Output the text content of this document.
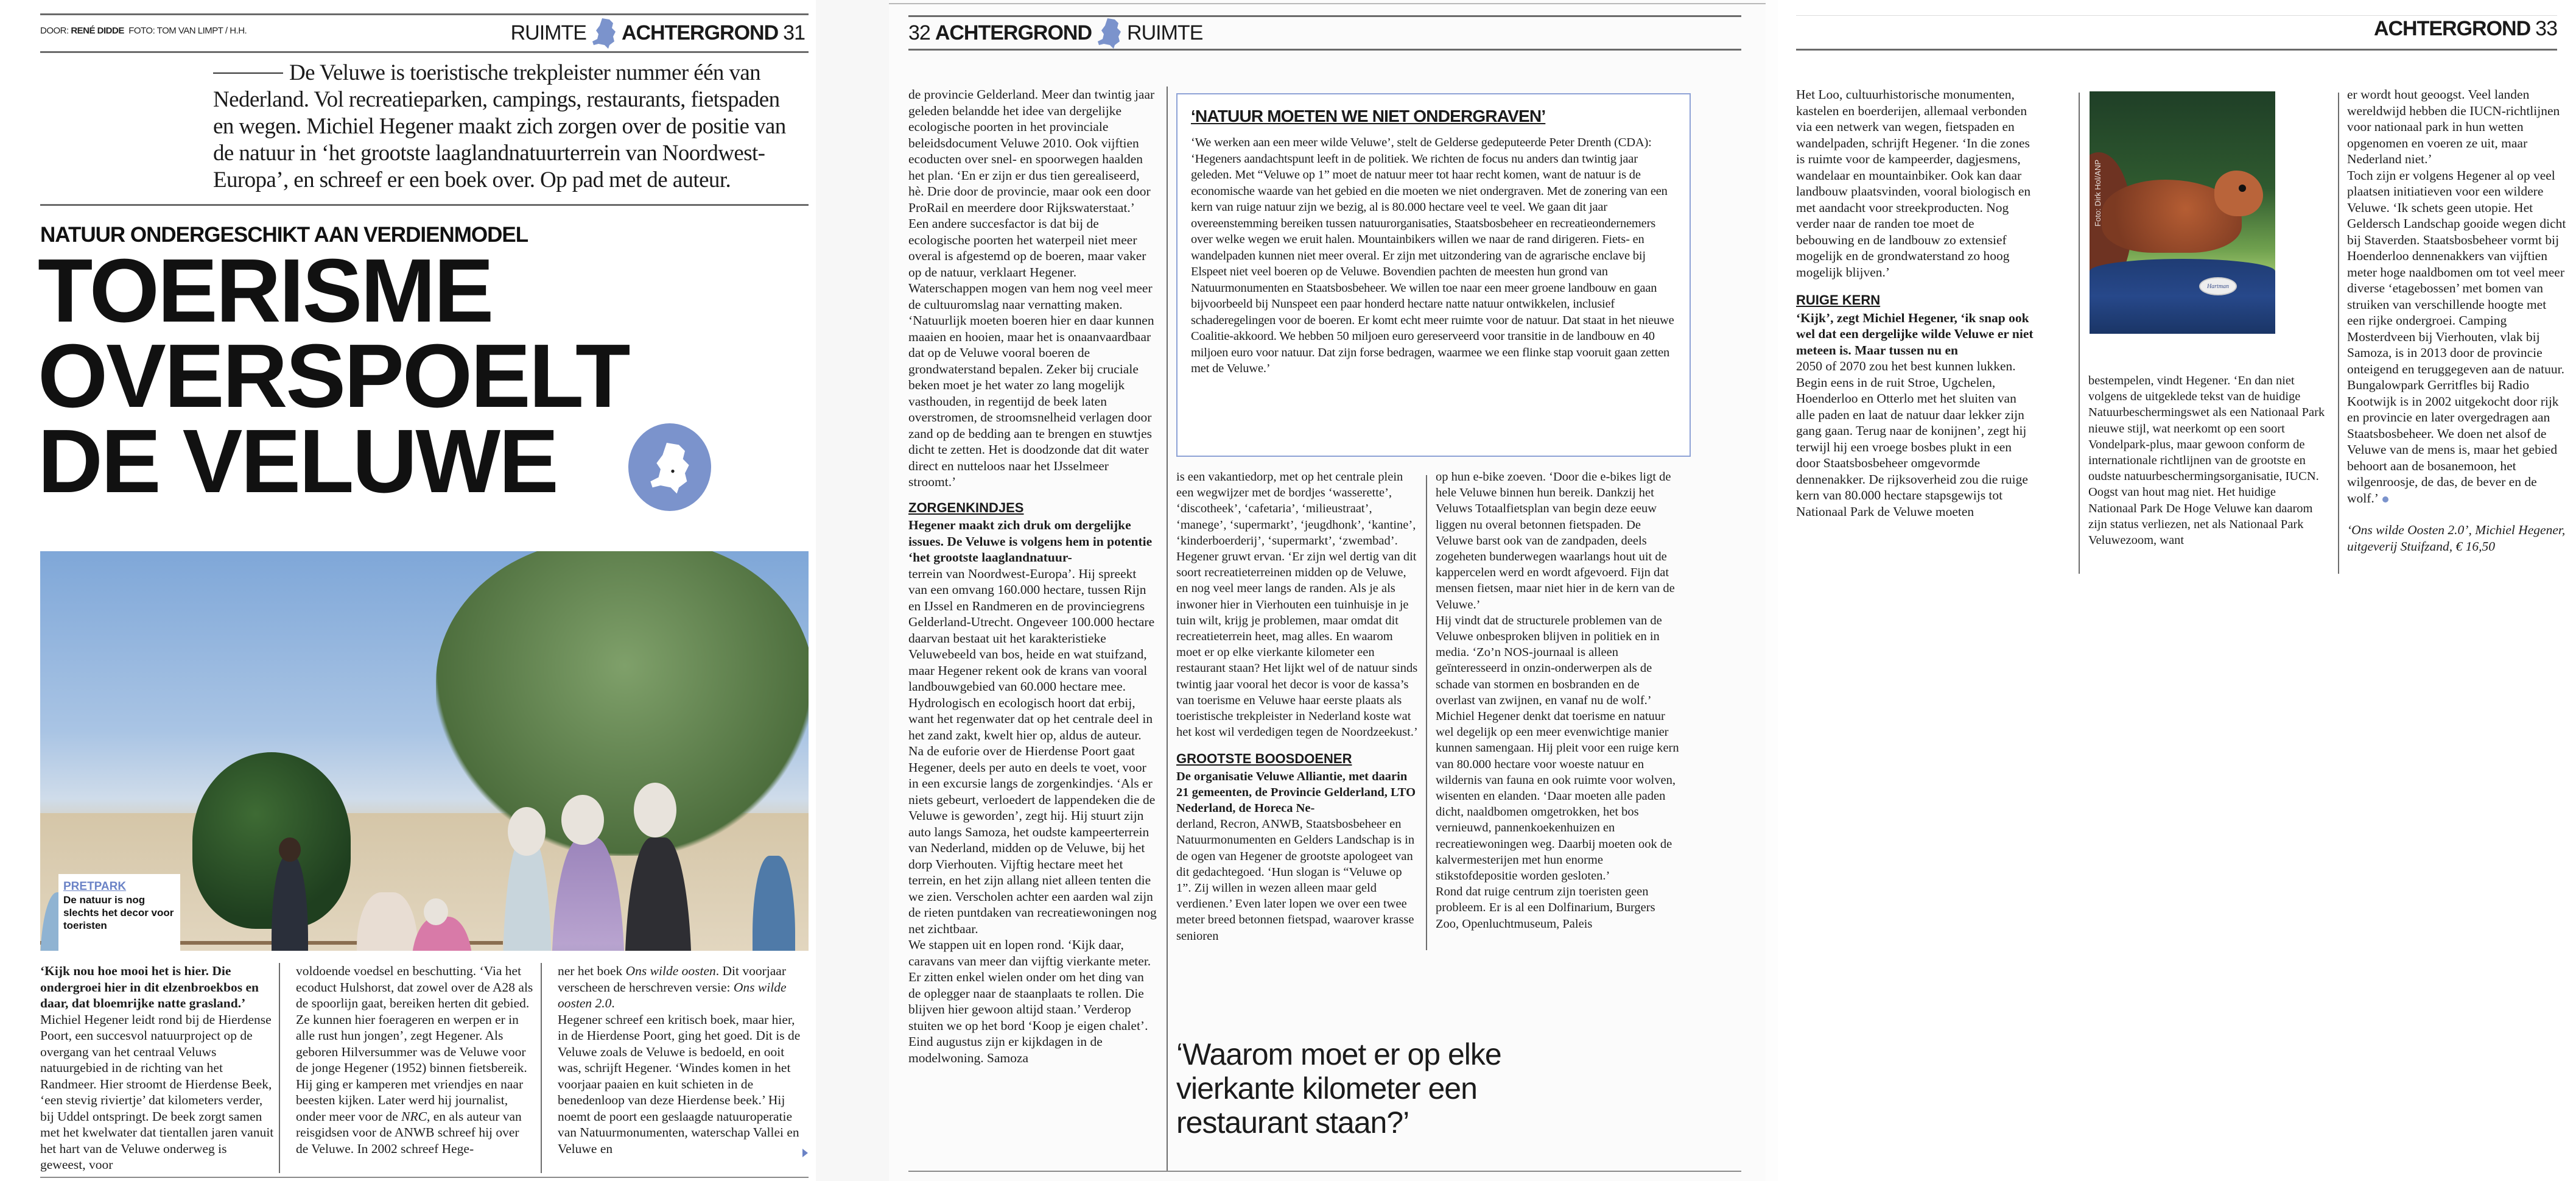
DOOR: RENÉ DIDDE FOTO: TOM VAN LIMPT / H.H.	RUIMTE ACHTERGROND 31
De Veluwe is toeristische trekpleister nummer één van Nederland. Vol recreatieparken, campings, restaurants, fietspaden en wegen. Michiel Hegener maakt zich zorgen over de positie van de natuur in ‘het grootste laaglandnatuurterrein van Noordwest-Europa’, en schreef er een boek over. Op pad met de auteur.
NATUUR ONDERGESCHIKT AAN VERDIENMODEL
TOERISME
OVERSPOELT
DE VELUWE
PRETPARK
De natuur is nog slechts het decor voor toeristen

‘Kijk nou hoe mooi het is hier. Die ondergroei hier in dit elzenbroekbos en daar, dat bloemrijke natte grasland.’

Michiel Hegener leidt rond bij de Hierdense Poort, een succesvol natuurproject op de overgang van het centraal Veluws natuurgebied in de richting van het Randmeer. Hier stroomt de Hierdense Beek, ‘een stevig riviertje’ dat kilometers verder, bij Uddel ontspringt. De beek zorgt samen met het kwelwater dat tientallen jaren vanuit het hart van de Veluwe onderweg is geweest, voor

voldoende voedsel en beschutting. ‘Via het ecoduct Hulshorst, dat zowel over de A28 als de spoorlijn gaat, bereiken herten dit gebied. Ze kunnen hier foerageren en werpen er in alle rust hun jongen’, zegt Hegener. Als geboren Hilversummer was de Veluwe voor de jonge Hegener (1952) binnen fietsbereik. Hij ging er kamperen met vriendjes en naar beesten kijken. Later werd hij journalist, onder meer voor de NRC, en als auteur van reisgidsen voor de ANWB schreef hij over de Veluwe. In 2002 schreef Hege-

ner het boek Ons wilde oosten. Dit voorjaar verscheen de herschreven versie: Ons wilde oosten 2.0.

Hegener schreef een kritisch boek, maar hier, in de Hierdense Poort, ging het goed. Dit is de Veluwe zoals de Veluwe is bedoeld, en ooit was, schrijft Hegener. ‘Windes komen in het voorjaar paaien en kuit schieten in de benedenloop van deze Hierdense beek.’ Hij noemt de poort een geslaagde natuuroperatie van Natuurmonumenten, waterschap Vallei en Veluwe en

32 ACHTERGROND RUIMTE

de provincie Gelderland. Meer dan twintig jaar geleden belandde het idee van dergelijke ecologische poorten in het provinciale beleidsdocument Veluwe 2010. Ook vijftien ecoducten over snel- en spoorwegen haalden het plan. ‘En er zijn er dus tien gerealiseerd, hè. Drie door de provincie, maar ook een door ProRail en meerdere door Rijkswaterstaat.’

Een andere succesfactor is dat bij de ecologische poorten het waterpeil niet meer overal is afgestemd op de boeren, maar vaker op de natuur, verklaart Hegener. Waterschappen mogen van hem nog veel meer de cultuuromslag naar vernatting maken. ‘Natuurlijk moeten boeren hier en daar kunnen maaien en hooien, maar het is onaanvaardbaar dat op de Veluwe vooral boeren de grondwaterstand bepalen. Zeker bij cruciale beken moet je het water zo lang mogelijk vasthouden, in regentijd de beek laten overstromen, de stroomsnelheid verlagen door zand op de bedding aan te brengen en stuwtjes dicht te zetten. Het is doodzonde dat dit water direct en nutteloos naar het IJsselmeer stroomt.’

ZORGENKINDJES

Hegener maakt zich druk om dergelijke issues. De Veluwe is volgens hem in potentie ‘het grootste laaglandnatuur-

terrein van Noordwest-Europa’. Hij spreekt van een omvang 160.000 hectare, tussen Rijn en IJssel en Randmeren en de provinciegrens Gelderland-Utrecht. Ongeveer 100.000 hectare daarvan bestaat uit het karakteristieke Veluwebeeld van bos, heide en wat stuifzand, maar Hegener rekent ook de krans van vooral landbouwgebied van 60.000 hectare mee. Hydrologisch en ecologisch hoort dat erbij, want het regenwater dat op het centrale deel in het zand zakt, kwelt hier op, aldus de auteur.

Na de euforie over de Hierdense Poort gaat Hegener, deels per auto en deels te voet, voor in een excursie langs de zorgenkindjes. ‘Als er niets gebeurt, verloedert de lappendeken die de Veluwe is geworden’, zegt hij. Hij stuurt zijn auto langs Samoza, het oudste kampeerterrein van Nederland, midden op de Veluwe, bij het dorp Vierhouten. Vijftig hectare meet het terrein, en het zijn allang niet alleen tenten die we zien. Verscholen achter een aarden wal zijn de rieten puntdaken van recreatiewoningen nog net zichtbaar.

We stappen uit en lopen rond. ‘Kijk daar, caravans van meer dan vijftig vierkante meter. Er zitten enkel wielen onder om het ding van de oplegger naar de staanplaats te rollen. Die blijven hier gewoon altijd staan.’ Verderop stuiten we op het bord ‘Koop je eigen chalet’. Eind augustus zijn er kijkdagen in de modelwoning. Samoza

is een vakantiedorp, met op het centrale plein een wegwijzer met de bordjes ‘wasserette’, ‘discotheek’, ‘cafetaria’, ‘milieustraat’, ‘manege’, ‘supermarkt’, ‘jeugdhonk’, ‘kantine’, ‘kinderboerderij’, ‘supermarkt’, ‘zwembad’. Hegener gruwt ervan. ‘Er zijn wel dertig van dit soort recreatieterreinen midden op de Veluwe, en nog veel meer langs de randen. Als je als inwoner hier in Vierhouten een tuinhuisje in je tuin wilt, krijg je problemen, maar omdat dit recreatieterrein heet, mag alles. En waarom moet er op elke vierkante kilometer een restaurant staan? Het lijkt wel of de natuur sinds twintig jaar vooral het decor is voor de kassa’s van toerisme en Veluwe haar eerste plaats als toeristische trekpleister in Nederland koste wat het kost wil verdedigen tegen de Noordzeekust.’

GROOTSTE BOOSDOENER

De organisatie Veluwe Alliantie, met daarin 21 gemeenten, de Provincie Gelderland, LTO Nederland, de Horeca Ne-

derland, Recron, ANWB, Staatsbosbeheer en Natuurmonumenten en Gelders Landschap is in de ogen van Hegener de grootste apologeet van dit gedachtegoed. ‘Hun slogan is “Veluwe op 1”. Zij willen in wezen alleen maar geld verdienen.’ Even later lopen we over een twee meter breed betonnen fietspad, waarover krasse senioren

op hun e-bike zoeven. ‘Door die e-bikes ligt de hele Veluwe binnen hun bereik. Dankzij het Veluws Totaalfietsplan van begin deze eeuw liggen nu overal betonnen fietspaden. De Veluwe barst ook van de zandpaden, deels zogeheten bunderwegen waarlangs hout uit de kappercelen werd en wordt afgevoerd. Fijn dat mensen fietsen, maar niet hier in de kern van de Veluwe.’

Hij vindt dat de structurele problemen van de Veluwe onbesproken blijven in politiek en in media. ‘Zo’n NOS-journaal is alleen geïnteresseerd in onzin-onderwerpen als de schade van stormen en bosbranden en de overlast van zwijnen, en vanaf nu de wolf.’

Michiel Hegener denkt dat toerisme en natuur wel degelijk op een meer evenwichtige manier kunnen samengaan. Hij pleit voor een ruige kern van 80.000 hectare voor woeste natuur en wildernis van fauna en ook ruimte voor wolven, wisenten en elanden. ‘Daar moeten alle paden dicht, naaldbomen omgetrokken, het bos vernieuwd, pannenkoekenhuizen en recreatiewoningen weg. Daarbij moeten ook de kalvermesterijen met hun enorme stikstofdepositie worden gesloten.’

Rond dat ruige centrum zijn toeristen geen probleem. Er is al een Dolfinarium, Burgers Zoo, Openluchtmuseum, Paleis

‘NATUUR MOETEN WE NIET ONDERGRAVEN’
‘We werken aan een meer wilde Veluwe’, stelt de Gelderse gedeputeerde Peter Drenth (CDA): ‘Hegeners aandachtspunt leeft in de politiek. We richten de focus nu anders dan twintig jaar geleden. Met “Veluwe op 1” moet de natuur meer tot haar recht komen, want de natuur is de economische waarde van het gebied en die moeten we niet ondergraven. Met de zonering van een kern van ruige natuur zijn we bezig, al is 80.000 hectare veel te veel. We gaan dit jaar overeenstemming bereiken tussen natuurorganisaties, Staatsbosbeheer en recreatieondernemers over welke wegen we eruit halen. Mountainbikers willen we naar de rand dirigeren. Fiets- en wandelpaden kunnen niet meer overal. Er zijn met uitzondering van de agrarische enclave bij Elspeet niet veel boeren op de Veluwe. Bovendien pachten de meesten hun grond van Natuurmonumenten en Staatsbosbeheer. We willen toe naar een meer groene landbouw en gaan bijvoorbeeld bij Nunspeet een paar honderd hectare natte natuur ontwikkelen, inclusief schaderegelingen voor de boeren. Er komt echt meer ruimte voor de natuur. Dat staat in het nieuwe Coalitie-akkoord. We hebben 50 miljoen euro gereserveerd voor transitie in de landbouw en 40 miljoen euro voor natuur. Dat zijn forse bedragen, waarmee we een flinke stap vooruit gaan zetten met de Veluwe.’
‘Waarom moet er op elke vierkante kilometer een restaurant staan?’
ACHTERGROND 33

Het Loo, cultuurhistorische monumenten, kastelen en boerderijen, allemaal verbonden via een netwerk van wegen, fietspaden en wandelpaden, schrijft Hegener. ‘In die zones is ruimte voor de kampeerder, dagjesmens, wandelaar en mountainbiker. Ook kan daar landbouw plaatsvinden, vooral biologisch en met aandacht voor streekproducten. Nog verder naar de randen toe moet de bebouwing en de landbouw zo extensief mogelijk en de grondwaterstand zo hoog mogelijk blijven.’

RUIGE KERN

‘Kijk’, zegt Michiel Hegener, ‘ik snap ook wel dat een dergelijke wilde Veluwe er niet meteen is. Maar tussen nu en

2050 of 2070 zou het best kunnen lukken. Begin eens in de ruit Stroe, Ugchelen, Hoenderloo en Otterlo met het sluiten van alle paden en laat de natuur daar lekker zijn gang gaan. Terug naar de konijnen’, zegt hij terwijl hij een vroege bosbes plukt in een door Staatsbosbeheer omgevormde dennenakker. De rijksoverheid zou die ruige kern van 80.000 hectare stapsgewijs tot Nationaal Park de Veluwe moeten

bestempelen, vindt Hegener. ‘En dan niet volgens de uitgeklede tekst van de huidige Natuurbeschermingswet als een Nationaal Park nieuwe stijl, wat neerkomt op een soort Vondelpark-plus, maar gewoon conform de internationale richtlijnen van de grootste en oudste natuurbeschermingsorganisatie, IUCN. Oogst van hout mag niet. Het huidige Nationaal Park De Hoge Veluwe kan daarom zijn status verliezen, net als Nationaal Park Veluwezoom, want

er wordt hout geoogst. Veel landen wereldwijd hebben die IUCN-richtlijnen voor nationaal park in hun wetten opgenomen en voeren ze uit, maar Nederland niet.’

Toch zijn er volgens Hegener al op veel plaatsen initiatieven voor een wildere Veluwe. ‘Ik schets geen utopie. Het Geldersch Landschap gooide wegen dicht bij Staverden. Staatsbosbeheer vormt bij Hoenderloo dennenakkers van vijftien meter hoge naaldbomen om tot veel meer diverse ‘etagebossen’ met bomen van struiken van verschillende hoogte met een rijke ondergroei. Camping Mosterdveen bij Vierhouten, vlak bij Samoza, is in 2013 door de provincie onteigend en teruggegeven aan de natuur. Bungalowpark Gerritfles bij Radio Kootwijk is in 2002 uitgekocht door rijk en provincie en later overgedragen aan Staatsbosbeheer. We doen net alsof de Veluwe van de mens is, maar het gebied behoort aan de bosanemoon, het wilgenroosje, de das, de bever en de wolf.’

‘Ons wilde Oosten 2.0’, Michiel Hegener,

uitgeverij Stuifzand, € 16,50

Hartman
Foto: Dirk Hol/ANP
